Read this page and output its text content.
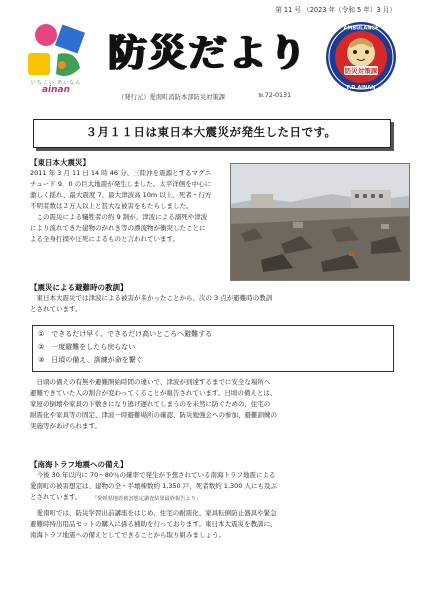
第 11 号 （2023 年（令和 5 年）3 月）
いちこい あいなん
ainan
防災だより
（発行元）愛南町消防本部防災対策課	℡72-0131
防災対策課
AMBULANCE
F.D.AINAN
３月１１日は東日本大震災が発生した日です。
【東日本大震災】
2011 年 3 月 11 日 14 時 46 分、三陸沖を震源とするマグニ
チュード 9．0 の巨大地震が発生しました。太平洋側を中心に
激しく揺れ、最大震度 7、最大津波高 10m 以上、死者・行方
不明者数は２万人以上と甚大な被害をもたらしました。
　この震災による犠牲者の約 9 割が、津波による溺死や津波
により流れてきた建物のがれき等の漂流物が衝突したことに
よる全身打撲や圧死によるものと言われています。
【震災による避難時の教訓】
　東日本大震災では津波による被害が多かったことから、次の 3 点が避難時の教訓
とされています。
①　できるだけ早く、できるだけ高いところへ避難する
②　一度避難をしたら戻らない
③　日頃の備え、訓練が命を繋ぐ
　日頃の備えの有無や避難開始時間の違いで、津波が到達するまでに安全な場所へ
避難できていた人の割合が変わってくることが報告されています。日頃の備えとは、
家屋の倒壊や家具の下敷きになり逃げ遅れてしまうのを未然に防ぐための、住宅の
耐震化や家具等の固定、津波一時避難場所の確認、防災勉強会への参加、避難訓練の
実施等があげられます。
【南海トラフ地震への備え】
　今後 30 年以内に 70～80％の確率で発生が予想されている南海トラフ地震による
愛南町の被害想定は、建物の全・半壊棟数約 1,350 戸、死者数約 1,300 人にも及ぶ
とされています。	「愛媛県地震被害想定調査結果最終報告より」
　愛南町では、防災学習出前講座をはじめ、住宅の耐震化、家具転倒防止器具や緊急
避難時持出用品セットの購入に係る補助を行っております。東日本大震災を教訓に、
南海トラフ地震への備えとしてできることから取り組みましょう。
